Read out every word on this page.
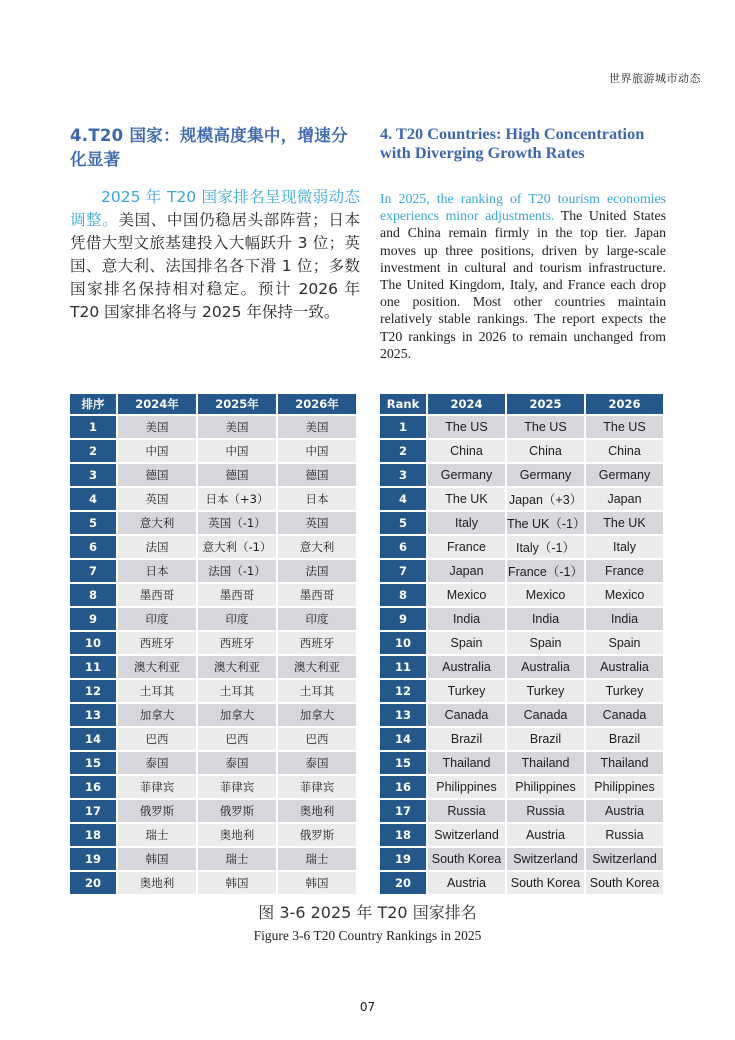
世界旅游城市动态
4.T20 国家：规模高度集中，增速分化显著
4. T20 Countries: High Concentration with Diverging Growth Rates

2025 年 T20 国家排名呈现微弱动态调整。美国、中国仍稳居头部阵营；日本凭借大型文旅基建投入大幅跃升 3 位；英国、意大利、法国排名各下滑 1 位；多数国家排名保持相对稳定。预计 2026 年 T20 国家排名将与 2025 年保持一致。

In 2025, the ranking of T20 tourism economies experiencs minor adjustments. The United States and China remain firmly in the top tier. Japan moves up three positions, driven by large-scale investment in cultural and tourism infrastructure. The United Kingdom, Italy, and France each drop one position. Most other countries maintain relatively stable rankings. The report expects the T20 rankings in 2026 to remain unchanged from 2025.

排序	2024年	2025年	2026年
1	美国	美国	美国
2	中国	中国	中国
3	德国	德国	德国
4	英国	日本（+3）	日本
5	意大利	英国（-1）	英国
6	法国	意大利（-1）	意大利
7	日本	法国（-1）	法国
8	墨西哥	墨西哥	墨西哥
9	印度	印度	印度
10	西班牙	西班牙	西班牙
11	澳大利亚	澳大利亚	澳大利亚
12	土耳其	土耳其	土耳其
13	加拿大	加拿大	加拿大
14	巴西	巴西	巴西
15	泰国	泰国	泰国
16	菲律宾	菲律宾	菲律宾
17	俄罗斯	俄罗斯	奥地利
18	瑞士	奥地利	俄罗斯
19	韩国	瑞士	瑞士
20	奥地利	韩国	韩国
Rank	2024	2025	2026
1	The US	The US	The US
2	China	China	China
3	Germany	Germany	Germany
4	The UK	Japan（+3）	Japan
5	Italy	The UK（-1）	The UK
6	France	Italy（-1）	Italy
7	Japan	France（-1）	France
8	Mexico	Mexico	Mexico
9	India	India	India
10	Spain	Spain	Spain
11	Australia	Australia	Australia
12	Turkey	Turkey	Turkey
13	Canada	Canada	Canada
14	Brazil	Brazil	Brazil
15	Thailand	Thailand	Thailand
16	Philippines	Philippines	Philippines
17	Russia	Russia	Austria
18	Switzerland	Austria	Russia
19	South Korea	Switzerland	Switzerland
20	Austria	South Korea	South Korea
图 3-6 2025 年 T20 国家排名
Figure 3-6 T20 Country Rankings in 2025
07
